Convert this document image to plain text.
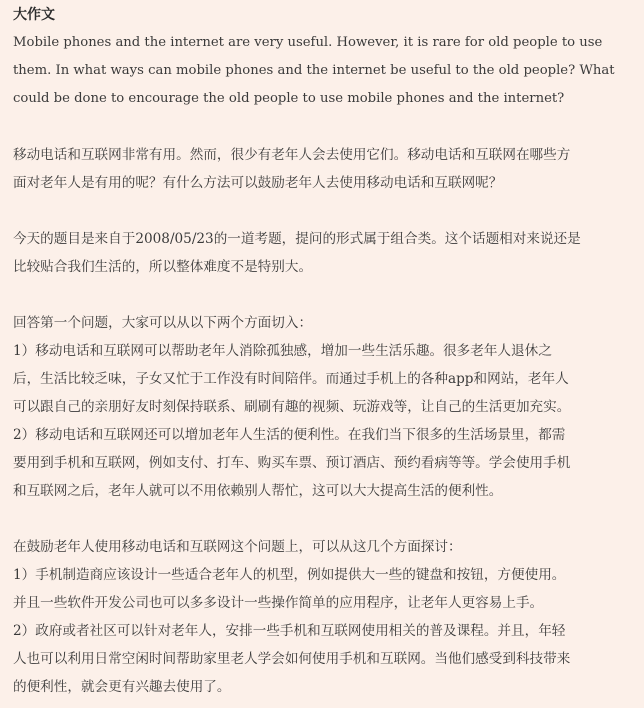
大作文
Mobile phones and the internet are very useful. However, it is rare for old people to use
them. In what ways can mobile phones and the internet be useful to the old people? What
could be done to encourage the old people to use mobile phones and the internet?
移动电话和互联网非常有用。然而，很少有老年人会去使用它们。移动电话和互联网在哪些方
面对老年人是有用的呢？有什么方法可以鼓励老年人去使用移动电话和互联网呢？
今天的题目是来自于2008/05/23的一道考题，提问的形式属于组合类。这个话题相对来说还是
比较贴合我们生活的，所以整体难度不是特别大。
回答第一个问题，大家可以从以下两个方面切入：
1）移动电话和互联网可以帮助老年人消除孤独感，增加一些生活乐趣。很多老年人退休之
后，生活比较乏味，子女又忙于工作没有时间陪伴。而通过手机上的各种app和网站，老年人
可以跟自己的亲朋好友时刻保持联系、刷刷有趣的视频、玩游戏等，让自己的生活更加充实。
2）移动电话和互联网还可以增加老年人生活的便利性。在我们当下很多的生活场景里，都需
要用到手机和互联网，例如支付、打车、购买车票、预订酒店、预约看病等等。学会使用手机
和互联网之后，老年人就可以不用依赖别人帮忙，这可以大大提高生活的便利性。
在鼓励老年人使用移动电话和互联网这个问题上，可以从这几个方面探讨：
1）手机制造商应该设计一些适合老年人的机型，例如提供大一些的键盘和按钮，方便使用。
并且一些软件开发公司也可以多多设计一些操作简单的应用程序，让老年人更容易上手。
2）政府或者社区可以针对老年人，安排一些手机和互联网使用相关的普及课程。并且，年轻
人也可以利用日常空闲时间帮助家里老人学会如何使用手机和互联网。当他们感受到科技带来
的便利性，就会更有兴趣去使用了。
